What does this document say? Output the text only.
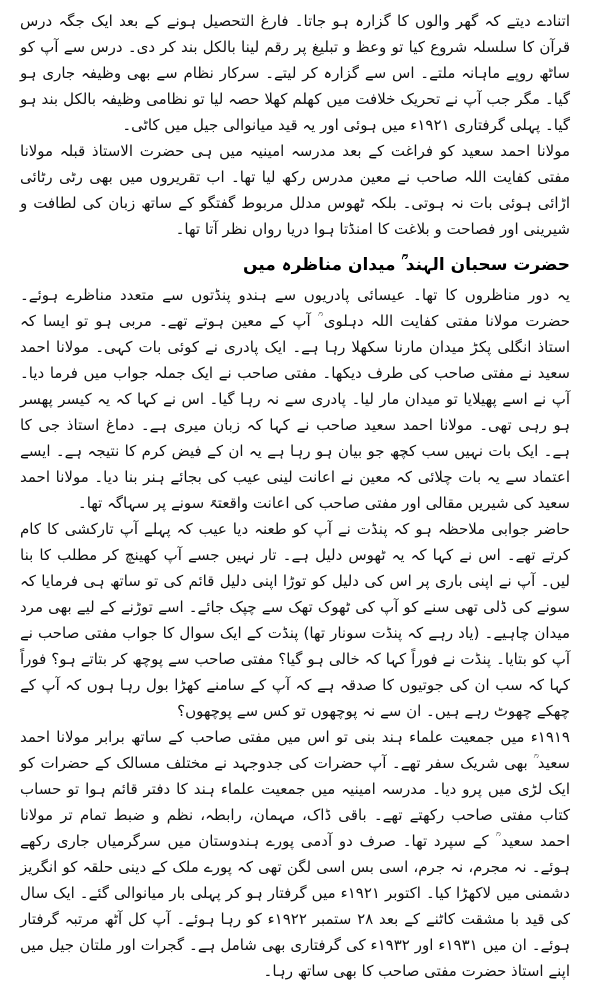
اتنادے دیتے کہ گھر والوں کا گزارہ ہو جاتا۔ فارغ التحصیل ہونے کے بعد ایک جگہ درس قرآن کا سلسلہ شروع کیا تو وعظ و تبلیغ پر رقم لینا بالکل بند کر دی۔ درس سے آپ کو ساٹھ روپے ماہانہ ملتے۔ اس سے گزارہ کر لیتے۔ سرکار نظام سے بھی وظیفہ جاری ہو گیا۔ مگر جب آپ نے تحریک خلافت میں کھلم کھلا حصہ لیا تو نظامی وظیفہ بالکل بند ہو گیا۔ پہلی گرفتاری ۱۹۲۱ء میں ہوئی اور یہ قید میانوالی جیل میں کاٹی۔

مولانا احمد سعید کو فراغت کے بعد مدرسہ امینیہ میں ہی حضرت الاستاذ قبلہ مولانا مفتی کفایت اللہ صاحب نے معین مدرس رکھ لیا تھا۔ اب تقریروں میں بھی رٹی رٹائی اڑائی ہوئی بات نہ ہوتی۔ بلکہ ٹھوس مدلل مربوط گفتگو کے ساتھ زبان کی لطافت و شیرینی اور فصاحت و بلاغت کا امنڈتا ہوا دریا رواں نظر آتا تھا۔

حضرت سحبان الہند ؒ میدان مناظرہ میں

یہ دور مناظروں کا تھا۔ عیسائی پادریوں سے ہندو پنڈتوں سے متعدد مناظرے ہوئے۔ حضرت مولانا مفتی کفایت اللہ دہلوی ؒ آپ کے معین ہوتے تھے۔ مربی ہو تو ایسا کہ استاذ انگلی پکڑ میدان مارنا سکھلا رہا ہے۔ ایک پادری نے کوئی بات کہی۔ مولانا احمد سعید نے مفتی صاحب کی طرف دیکھا۔ مفتی صاحب نے ایک جملہ جواب میں فرما دیا۔ آپ نے اسے پھیلایا تو میدان مار لیا۔ پادری سے نہ رہا گیا۔ اس نے کہا کہ یہ کیسر پھسر ہو رہی تھی۔ مولانا احمد سعید صاحب نے کہا کہ زبان میری ہے۔ دماغ استاذ جی کا ہے۔ ایک بات نہیں سب کچھ جو بیان ہو رہا ہے یہ ان کے فیض کرم کا نتیجہ ہے۔ ایسے اعتماد سے یہ بات چلائی کہ معین نے اعانت لینی عیب کی بجائے ہنر بنا دیا۔ مولانا احمد سعید کی شیریں مقالی اور مفتی صاحب کی اعانت واقعتہً سونے پر سہاگہ تھا۔

حاضر جوابی ملاحظہ ہو کہ پنڈت نے آپ کو طعنہ دیا عیب کہ پہلے آپ تارکشی کا کام کرتے تھے۔ اس نے کہا کہ یہ ٹھوس دلیل ہے۔ تار نہیں جسے آپ کھینچ کر مطلب کا بنا لیں۔ آپ نے اپنی باری پر اس کی دلیل کو توڑا اپنی دلیل قائم کی تو ساتھ ہی فرمایا کہ سونے کی ڈلی تھی سنے کو آپ کی ٹھوک تھک سے چپک جائے۔ اسے توڑنے کے لیے بھی مرد میدان چاہیے۔ (یاد رہے کہ پنڈت سونار تھا) پنڈت کے ایک سوال کا جواب مفتی صاحب نے آپ کو بتایا۔ پنڈت نے فوراً کہا کہ خالی ہو گیا؟ مفتی صاحب سے پوچھ کر بتاتے ہو؟ فوراً کہا کہ سب ان کی جوتیوں کا صدقہ ہے کہ آپ کے سامنے کھڑا بول رہا ہوں کہ آپ کے چھکے چھوٹ رہے ہیں۔ ان سے نہ پوچھوں تو کس سے پوچھوں؟

۱۹۱۹ء میں جمعیت علماء ہند بنی تو اس میں مفتی صاحب کے ساتھ برابر مولانا احمد سعید ؒ بھی شریک سفر تھے۔ آپ حضرات کی جدوجہد نے مختلف مسالک کے حضرات کو ایک لڑی میں پرو دیا۔ مدرسہ امینیہ میں جمعیت علماء ہند کا دفتر قائم ہوا تو حساب کتاب مفتی صاحب رکھتے تھے۔ باقی ڈاک، مہمان، رابطہ، نظم و ضبط تمام تر مولانا احمد سعید ؒ کے سپرد تھا۔ صرف دو آدمی پورے ہندوستان میں سرگرمیاں جاری رکھے ہوئے۔ نہ مجرم، نہ جرم، اسی بس اسی لگن تھی کہ پورے ملک کے دینی حلقہ کو انگریز دشمنی میں لاکھڑا کیا۔ اکتوبر ۱۹۲۱ء میں گرفتار ہو کر پہلی بار میانوالی گئے۔ ایک سال کی قید با مشقت کاٹنے کے بعد ۲۸ ستمبر ۱۹۲۲ء کو رہا ہوئے۔ آپ کل آٹھ مرتبہ گرفتار ہوئے۔ ان میں ۱۹۳۱ء اور ۱۹۳۲ء کی گرفتاری بھی شامل ہے۔ گجرات اور ملتان جیل میں اپنے استاذ حضرت مفتی صاحب کا بھی ساتھ رہا۔
